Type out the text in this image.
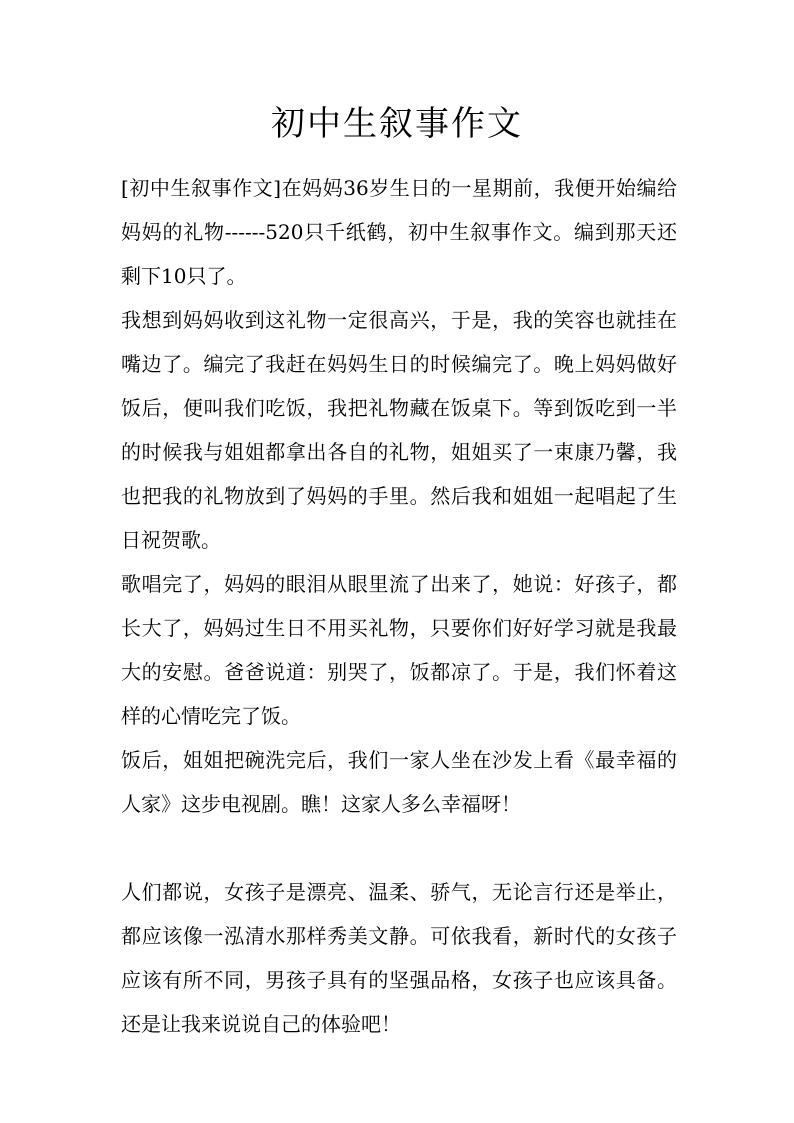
初中生叙事作文

[初中生叙事作文]在妈妈36岁生日的一星期前，我便开始编给妈妈的礼物------520只千纸鹤，初中生叙事作文。编到那天还剩下10只了。

我想到妈妈收到这礼物一定很高兴，于是，我的笑容也就挂在嘴边了。编完了我赶在妈妈生日的时候编完了。晚上妈妈做好饭后，便叫我们吃饭，我把礼物藏在饭桌下。等到饭吃到一半的时候我与姐姐都拿出各自的礼物，姐姐买了一束康乃馨，我也把我的礼物放到了妈妈的手里。然后我和姐姐一起唱起了生日祝贺歌。

歌唱完了，妈妈的眼泪从眼里流了出来了，她说：好孩子，都长大了，妈妈过生日不用买礼物，只要你们好好学习就是我最大的安慰。爸爸说道：别哭了，饭都凉了。于是，我们怀着这样的心情吃完了饭。

饭后，姐姐把碗洗完后，我们一家人坐在沙发上看《最幸福的人家》这步电视剧。瞧！这家人多么幸福呀！

人们都说，女孩子是漂亮、温柔、骄气，无论言行还是举止，都应该像一泓清水那样秀美文静。可依我看，新时代的女孩子应该有所不同，男孩子具有的坚强品格，女孩子也应该具备。还是让我来说说自己的体验吧！
